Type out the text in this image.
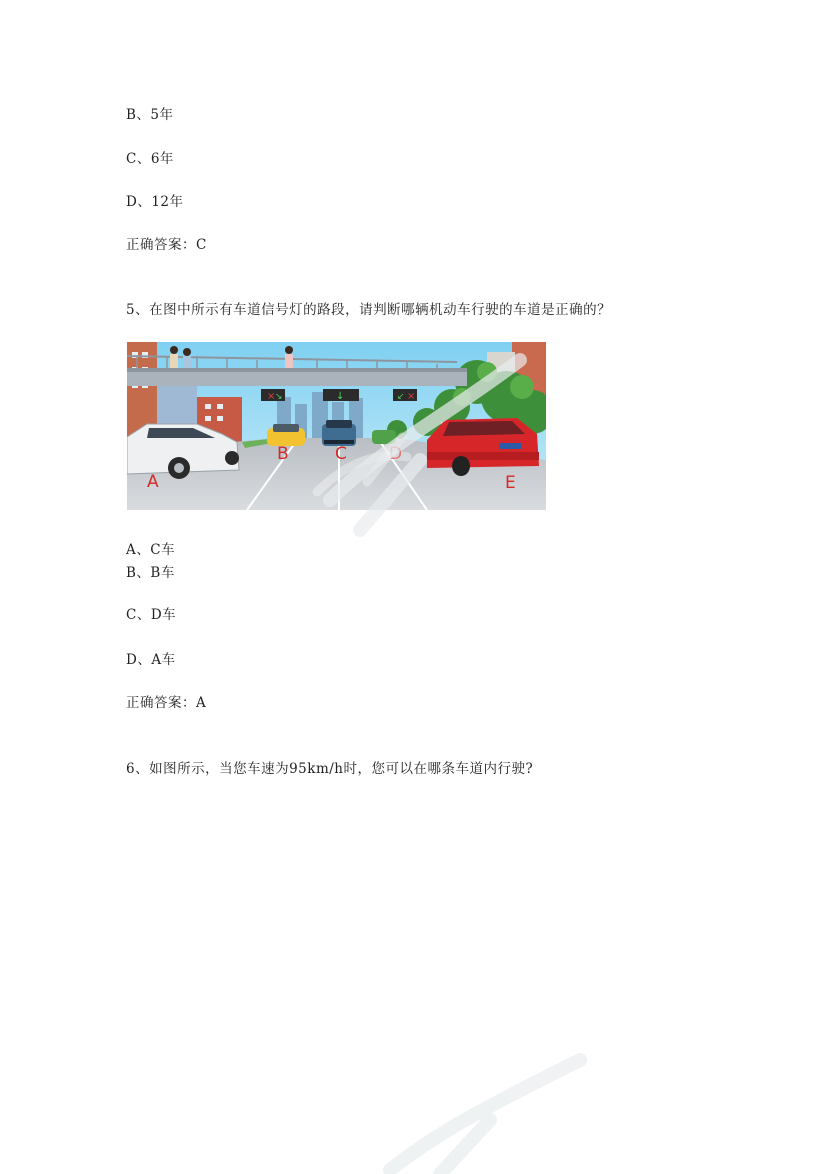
B、5年
C、6年
D、12年
正确答案：C
5、在图中所示有车道信号灯的路段，请判断哪辆机动车行驶的车道是正确的？
× ↘	↓	↙ ×
A
B	C D
E
A、C车
B、B车
C、D车
D、A车
正确答案：A
6、如图所示，当您车速为95km/h时，您可以在哪条车道内行驶?
